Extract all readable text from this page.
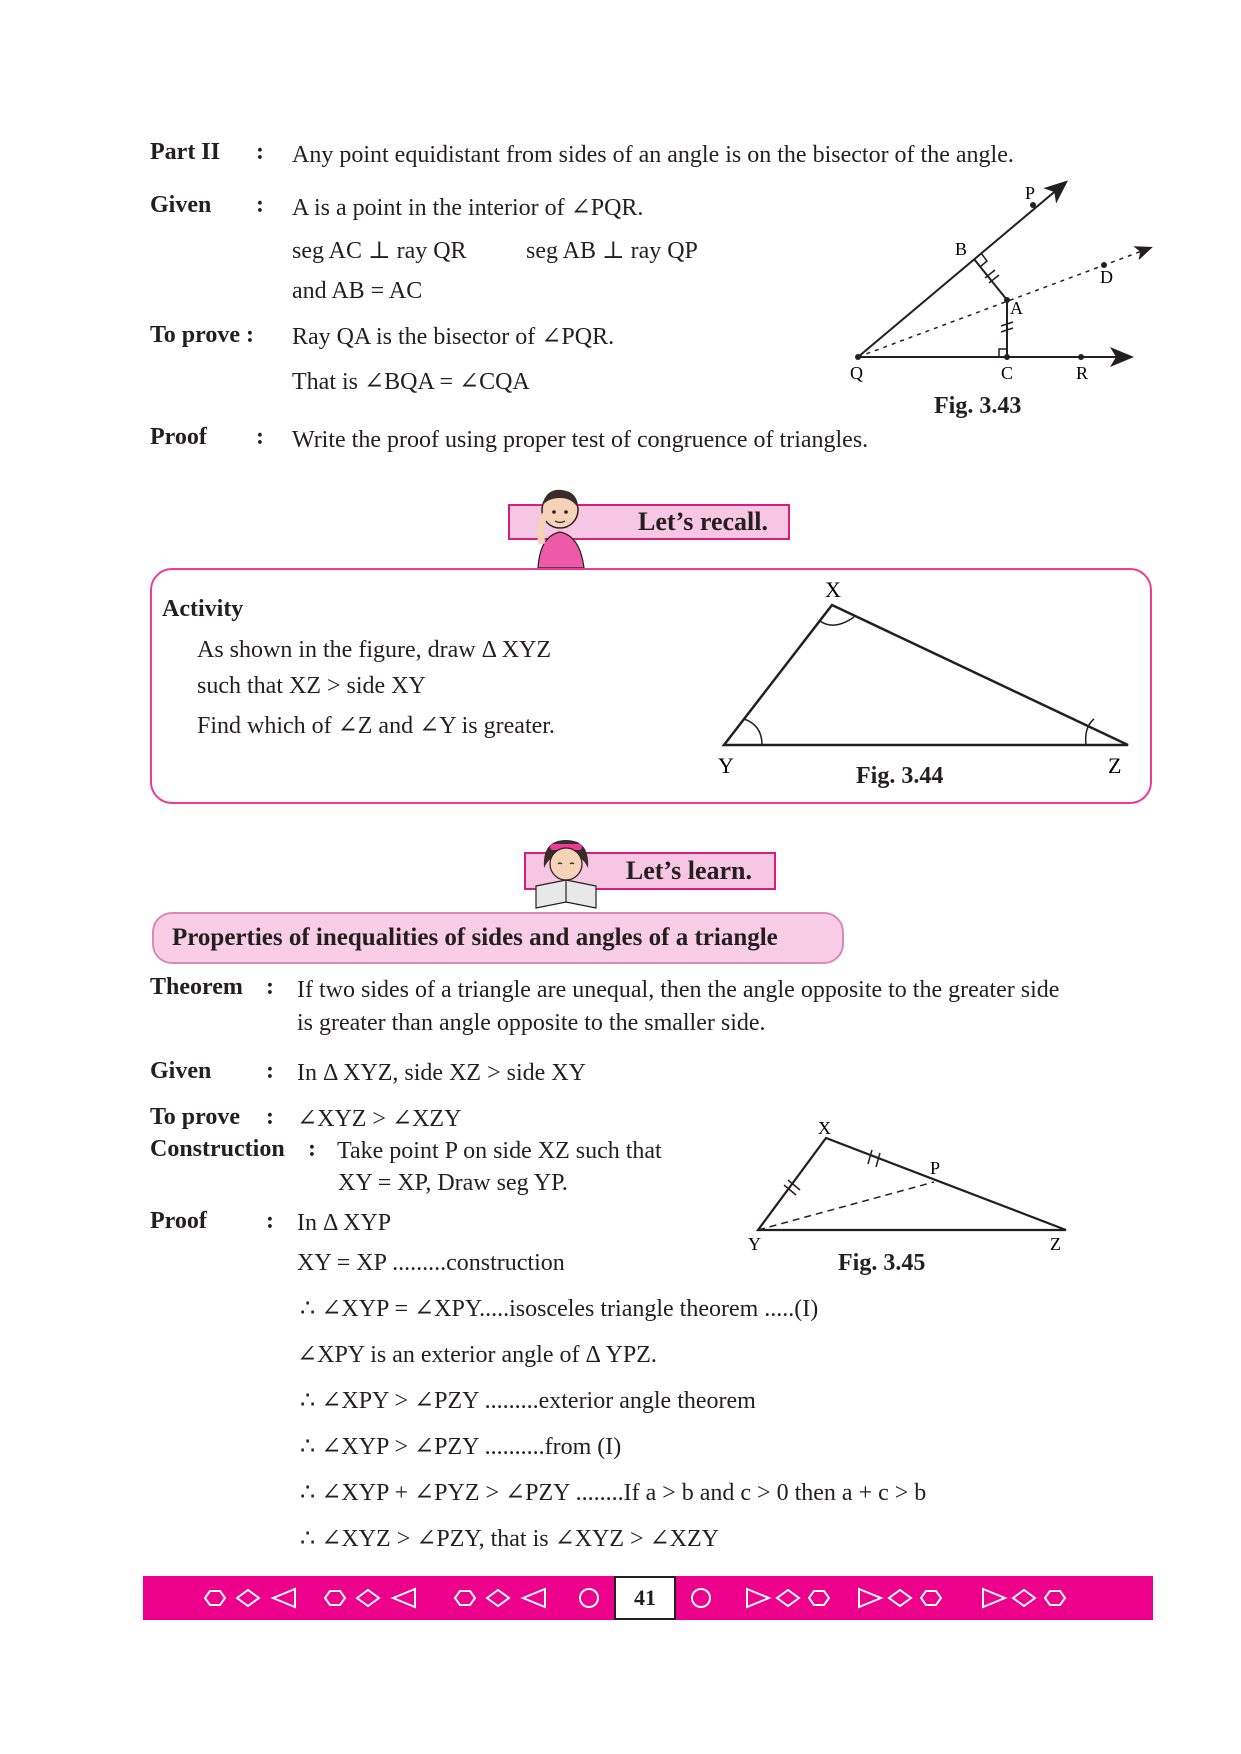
Part II : Any point equidistant from sides of an angle is on the bisector of the angle.
Given : A is a point in the interior of ∠PQR.
seg AC ⊥ ray QR seg AB ⊥ ray QP
and AB = AC
To prove : Ray QA is the bisector of ∠PQR.
That is ∠BQA = ∠CQA
Proof : Write the proof using proper test of congruence of triangles.
P
B
D
A
Q	C	R
Fig. 3.43
Let’s recall.
Activity
As shown in the figure, draw Δ XYZ
such that XZ > side XY
Find which of ∠Z and ∠Y is greater.
X
Y	Z
Fig. 3.44
Let’s learn.
Properties of inequalities of sides and angles of a triangle
Theorem : If two sides of a triangle are unequal, then the angle opposite to the greater side
is greater than angle opposite to the smaller side.
Given : In Δ XYZ, side XZ > side XY
To prove : ∠XYZ > ∠XZY
Construction : Take point P on side XZ such that
XY = XP, Draw seg YP.
Proof : In Δ XYP
XY = XP .........construction
∴ ∠XYP = ∠XPY.....isosceles triangle theorem .....(I)
∠XPY is an exterior angle of Δ YPZ.
∴ ∠XPY > ∠PZY .........exterior angle theorem
∴ ∠XYP > ∠PZY ..........from (I)
∴ ∠XYP + ∠PYZ > ∠PZY ........If a > b and c > 0 then a + c > b
∴ ∠XYZ > ∠PZY, that is ∠XYZ > ∠XZY
X
P
Y	Z
Fig. 3.45
41
